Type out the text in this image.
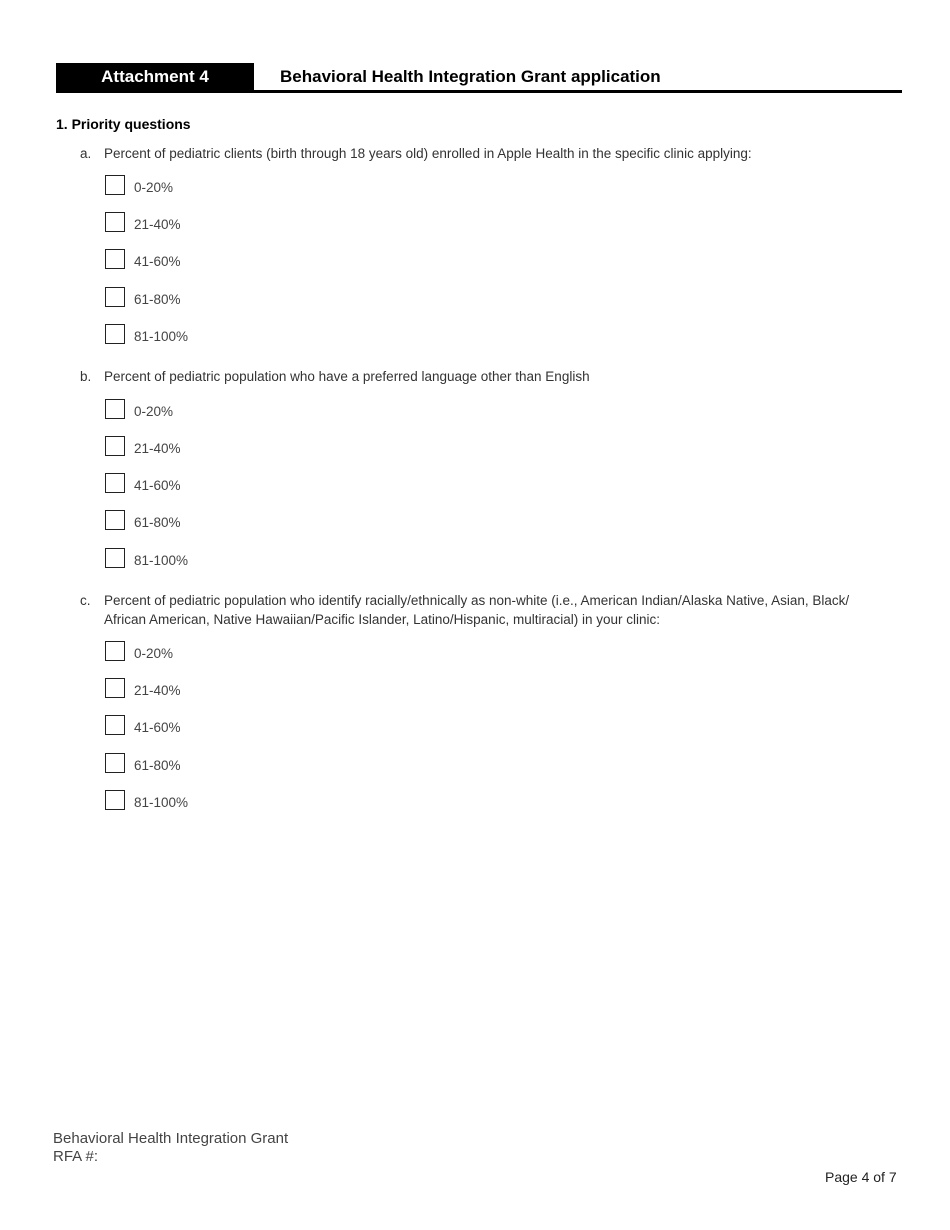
Attachment 4	Behavioral Health Integration Grant application
1. Priority questions
a. Percent of pediatric clients (birth through 18 years old) enrolled in Apple Health in the specific clinic applying:
0-20%
21-40%
41-60%
61-80%
81-100%
b. Percent of pediatric population who have a preferred language other than English
0-20%
21-40%
41-60%
61-80%
81-100%
c. Percent of pediatric population who identify racially/ethnically as non-white (i.e., American Indian/Alaska Native, Asian, Black/ African American, Native Hawaiian/Pacific Islander, Latino/Hispanic, multiracial) in your clinic:
0-20%
21-40%
41-60%
61-80%
81-100%
Behavioral Health Integration Grant
RFA #:
Page 4 of 7
